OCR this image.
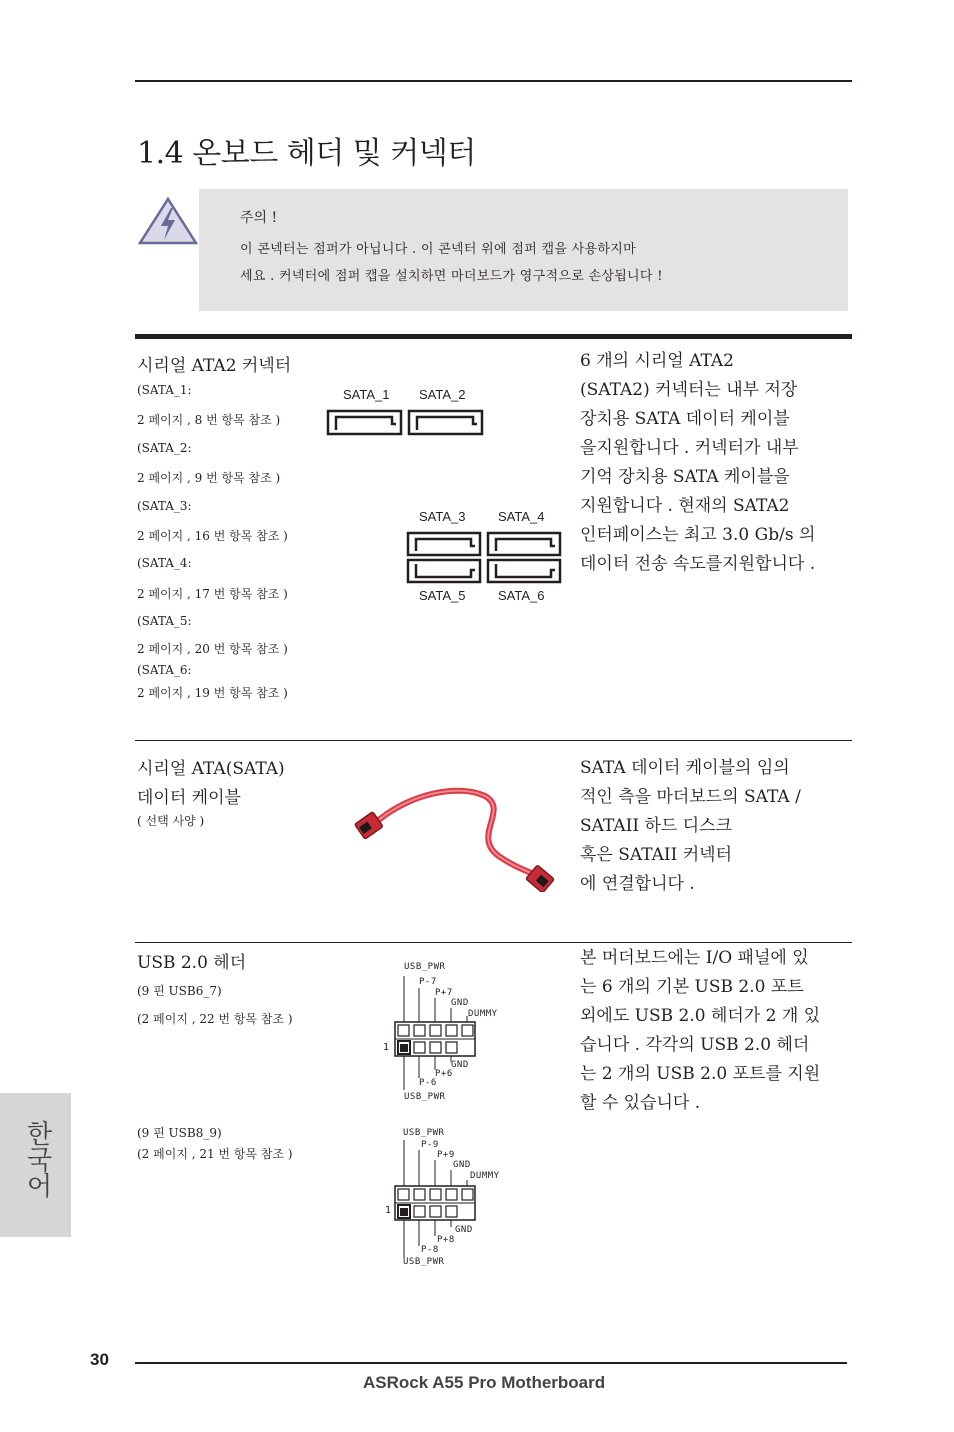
1.4 온보드 헤더 및 커넥터
주의 !
이 콘넥터는 점퍼가 아닙니다 . 이 콘넥터 위에 점퍼 캡을 사용하지마
세요 . 커넥터에 점퍼 캡을 설치하면 마더보드가 영구적으로 손상됩니다 !
시리얼 ATA2 커넥터
(SATA_1:
2 페이지 , 8 번 항목 참조 )
(SATA_2:
2 페이지 , 9 번 항목 참조 )
(SATA_3:
2 페이지 , 16 번 항목 참조 )
(SATA_4:
2 페이지 , 17 번 항목 참조 )
(SATA_5:
2 페이지 , 20 번 항목 참조 )
(SATA_6:
2 페이지 , 19 번 항목 참조 )
SATA_1 SATA_2
SATA_3	SATA_4
SATA_5	SATA_6
6 개의 시리얼 ATA2
(SATA2) 커넥터는 내부 저장
장치용 SATA 데이터 케이블
을지원합니다 . 커넥터가 내부
기억 장치용 SATA 케이블을
지원합니다 . 현재의 SATA2
인터페이스는 최고 3.0 Gb/s 의
데이터 전송 속도를지원합니다 .
시리얼 ATA(SATA)
데이터 케이블
( 선택 사양 )
SATA 데이터 케이블의 임의
적인 측을 마더보드의 SATA /
SATAII 하드 디스크
혹은 SATAII 커넥터
에 연결합니다 .
USB 2.0 헤더
(9 핀 USB6_7)
(2 페이지 , 22 번 항목 참조 )
(9 핀 USB8_9)
(2 페이지 , 21 번 항목 참조 )
USB_PWR
P-7
P+7
GND
DUMMY
1
GND
P+6
P-6
USB_PWR
USB_PWR
P-9
P+9
GND
DUMMY
1
GND
P+8
P-8
USB_PWR
본 머더보드에는 I/O 패널에 있
는 6 개의 기본 USB 2.0 포트
외에도 USB 2.0 헤더가 2 개 있
습니다 . 각각의 USB 2.0 헤더
는 2 개의 USB 2.0 포트를 지원
할 수 있습니다 .
한국어
30
ASRock A55 Pro Motherboard
